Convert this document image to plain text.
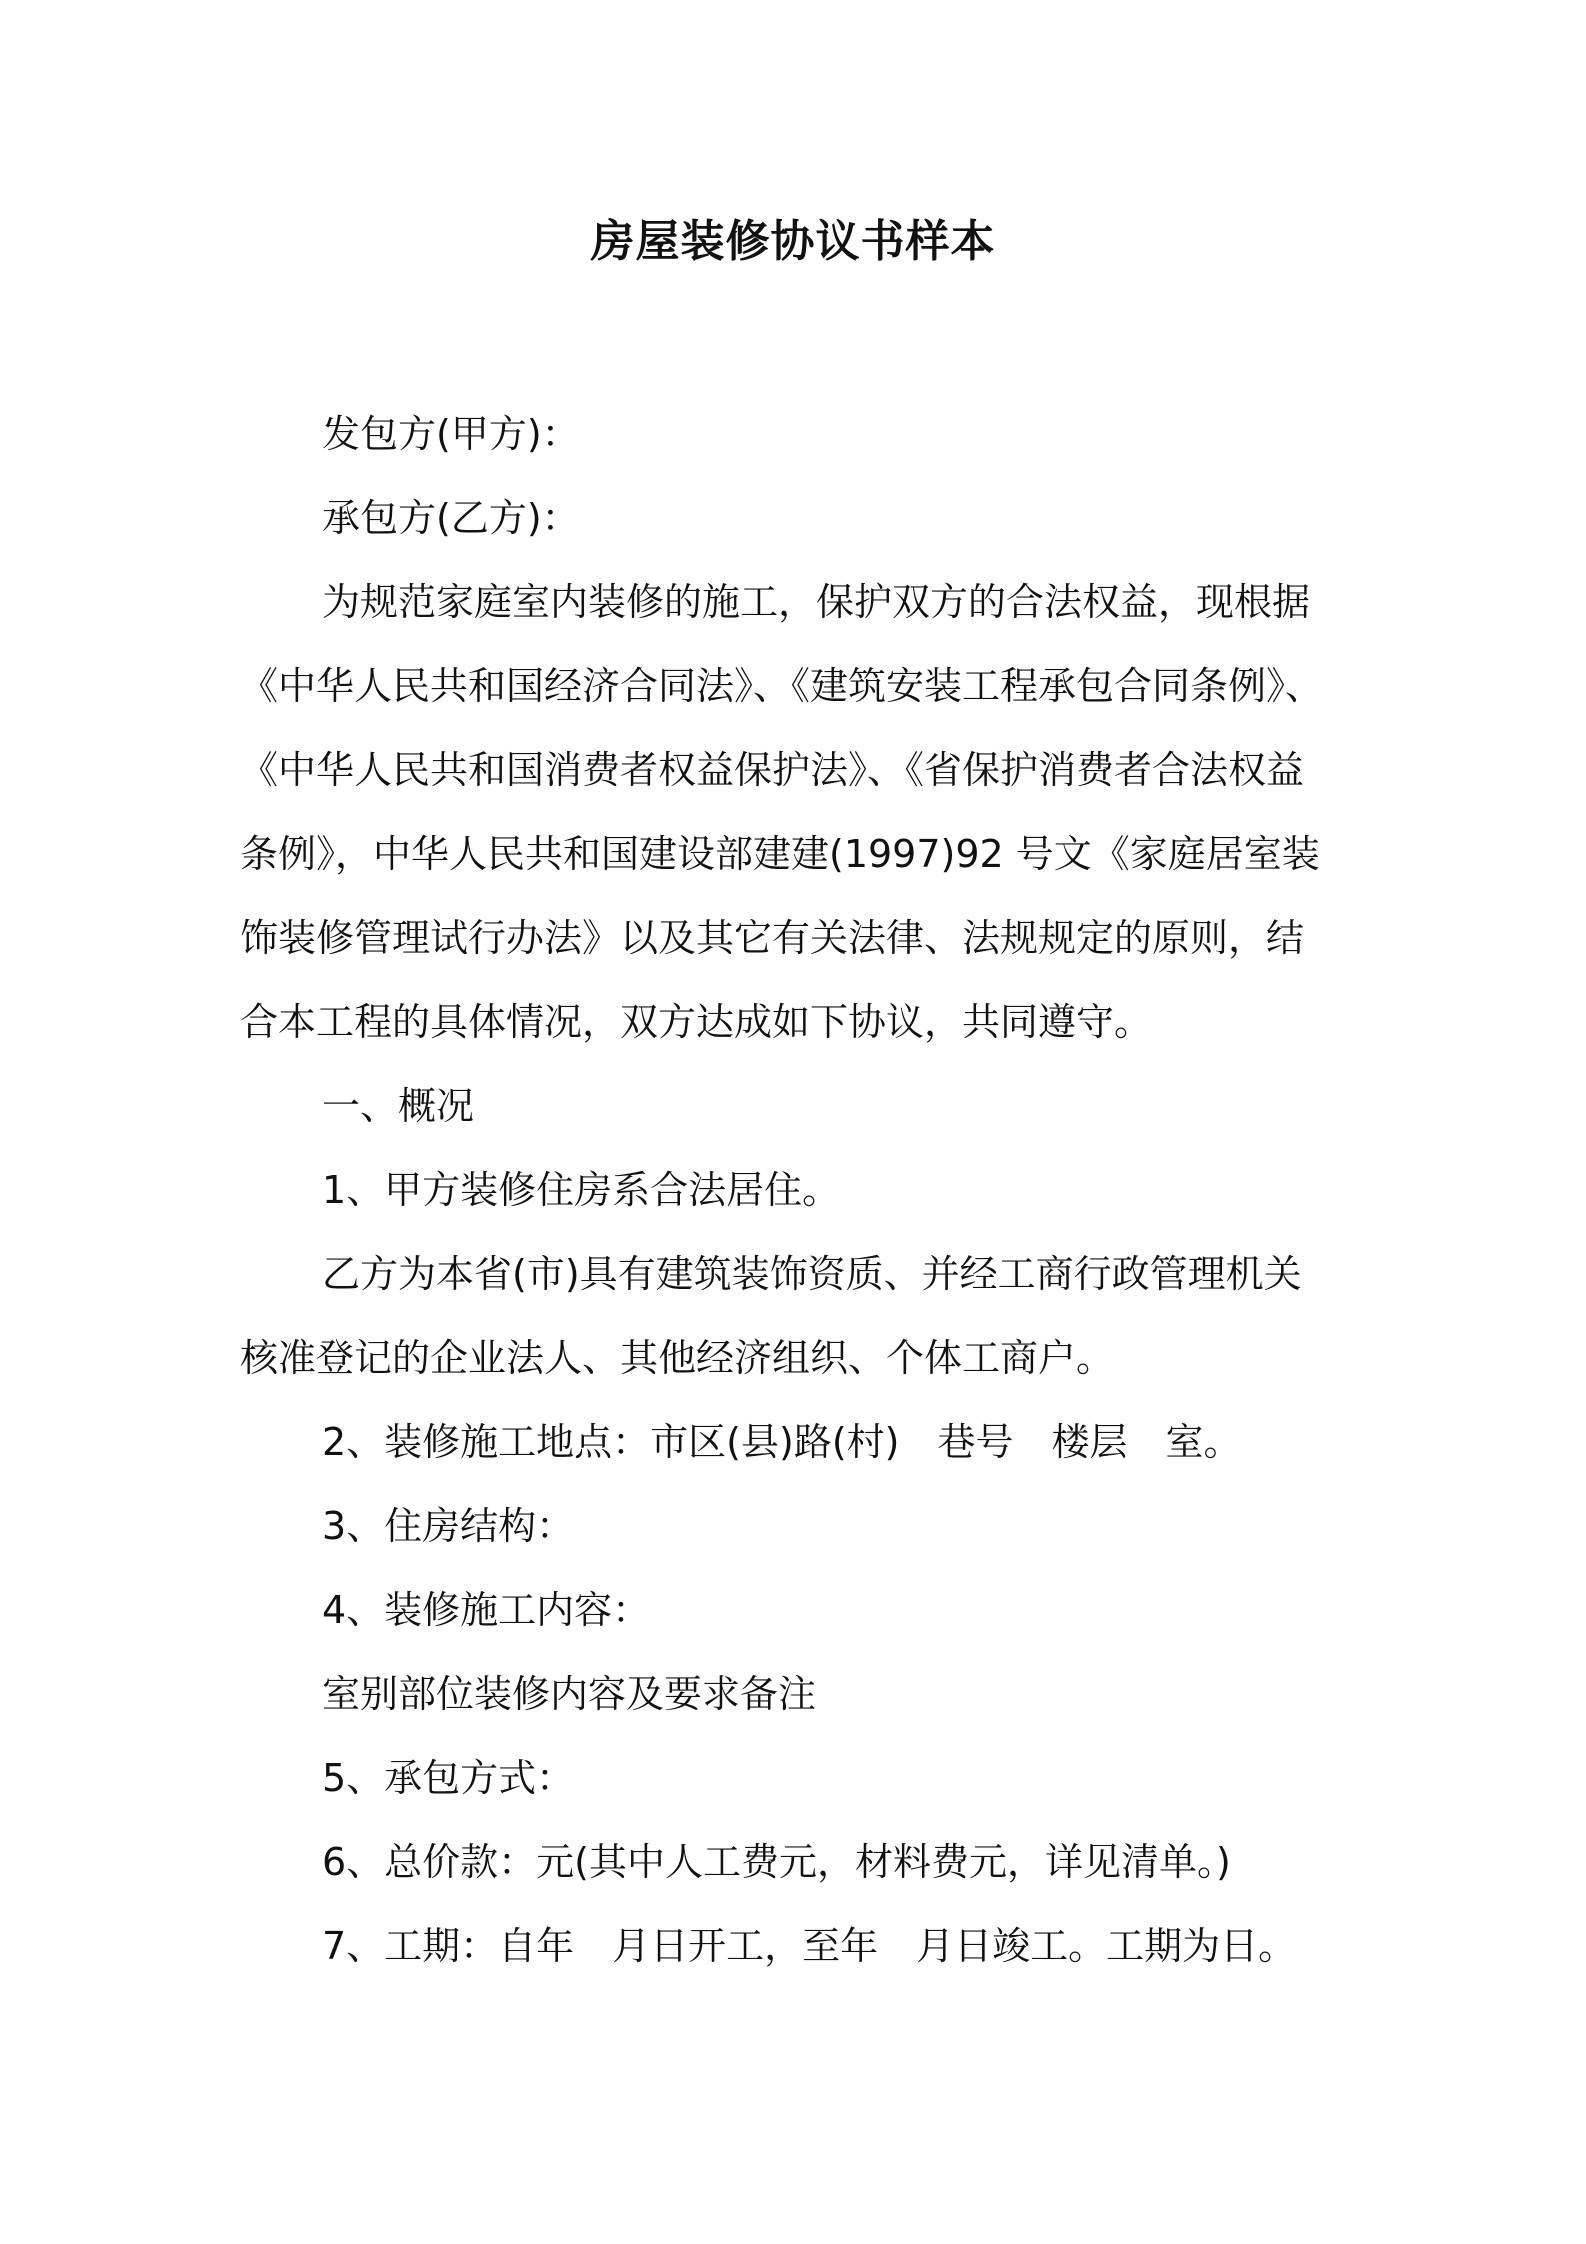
房屋装修协议书样本
发包方(甲方)：
承包方(乙方)：
为规范家庭室内装修的施工，保护双方的合法权益，现根据
《中华人民共和国经济合同法》、《建筑安装工程承包合同条例》、
《中华人民共和国消费者权益保护法》、《省保护消费者合法权益
条例》，中华人民共和国建设部建建(1997)92 号文《家庭居室装
饰装修管理试行办法》以及其它有关法律、法规规定的原则，结
合本工程的具体情况，双方达成如下协议，共同遵守。
一、概况
1、甲方装修住房系合法居住。
乙方为本省(市)具有建筑装饰资质、并经工商行政管理机关
核准登记的企业法人、其他经济组织、个体工商户。
2、装修施工地点：市区(县)路(村)　巷号　楼层　室。
3、住房结构：
4、装修施工内容：
室别部位装修内容及要求备注
5、承包方式：
6、总价款：元(其中人工费元，材料费元，详见清单。)
7、工期：自年　月日开工，至年　月日竣工。工期为日。
